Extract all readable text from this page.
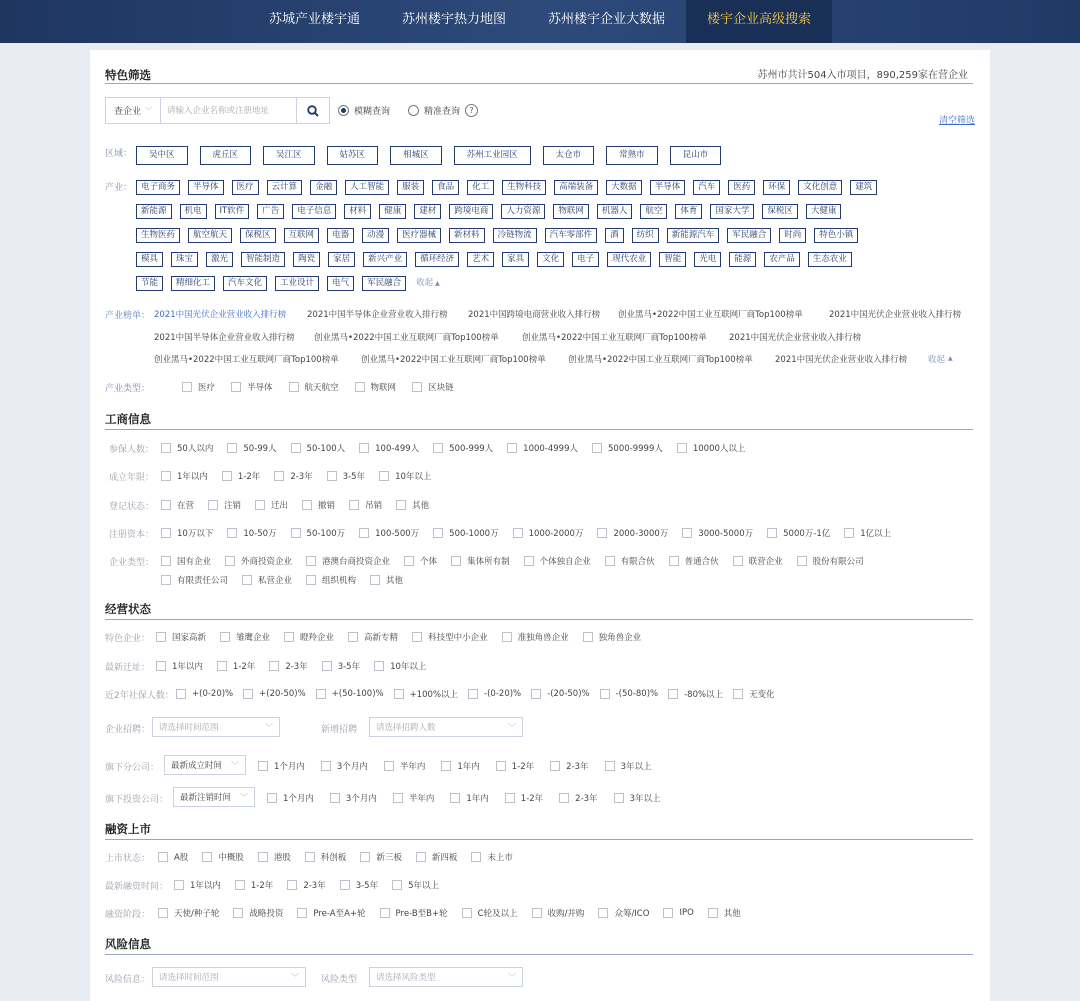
苏城产业楼宇通	苏州楼宇热力地图	苏州楼宇企业大数据	楼宇企业高级搜索
特色筛选	苏州市共计504入市项目，890,259家在营企业
查企业 ﹀
请输入企业名称或注册地址	模糊查询	精准查询	?
清空筛选
区域：	吴中区	虎丘区	吴江区	姑苏区	相城区	苏州工业园区	太仓市	常熟市	昆山市
产业：	电子商务	半导体	医疗	云计算	金融	人工智能	服装	食品	化工	生物科技	高端装备	大数据	半导体	汽车	医药	环保	文化创意	建筑
新能源	机电	IT软件	广告	电子信息	材料	健康	建材	跨境电商	人力资源	物联网	机器人	航空	体育	国家大学	保税区	大健康
生物医药	航空航天	保税区	互联网	电器	动漫	医疗器械	新材料	冷链物流	汽车零部件	酒	纺织	新能源汽车	军民融合	时尚	特色小镇
模具	珠宝	激光	智能制造	陶瓷	家居	新兴产业	循环经济	艺术	家具	文化	电子	现代农业	智能	光电	能源	农产品	生态农业
节能	精细化工	汽车文化	工业设计	电气	军民融合	收起 ▲
产业榜单： 2021中国光伏企业营业收入排行榜 2021中国半导体企业营业收入排行榜 2021中国跨境电商营业收入排行榜 创业黑马•2022中国工业互联网厂商Top100榜单	2021中国光伏企业营业收入排行榜
2021中国半导体企业营业收入排行榜 创业黑马•2022中国工业互联网厂商Top100榜单	创业黑马•2022中国工业互联网厂商Top100榜单	2021中国光伏企业营业收入排行榜
创业黑马•2022中国工业互联网厂商Top100榜单	创业黑马•2022中国工业互联网厂商Top100榜单	创业黑马•2022中国工业互联网厂商Top100榜单	2021中国光伏企业营业收入排行榜 收起 ▲
产业类型：	医疗	半导体	航天航空	物联网	区块链
工商信息
参保人数：	50人以内	50-99人	50-100人	100-499人	500-999人	1000-4999人	5000-9999人	10000人以上
成立年限：	1年以内	1-2年	2-3年	3-5年	10年以上
登记状态：	在营	注销	迁出	撤销	吊销	其他
注册资本：	10万以下	10-50万	50-100万	100-500万	500-1000万	1000-2000万	2000-3000万	3000-5000万	5000万-1亿	1亿以上
企业类型：	国有企业	外商投资企业	港澳台商投资企业	个体	集体所有制	个体独自企业	有限合伙	普通合伙	联营企业	股份有限公司
有限责任公司	私营企业	组织机构	其他
经营状态
特色企业：	国家高新	雏鹰企业	瞪羚企业	高新专精	科技型中小企业	准独角兽企业	独角兽企业
最新迁址：	1年以内	1-2年	2-3年	3-5年	10年以上
近2年社保人数： +(0-20)%	+(20-50)%	+(50-100)%	+100%以上	-(0-20)%	-(20-50)%	-(50-80)%	-80%以上	无变化
企业招聘： 请选择时间范围	﹀	新增招聘 请选择招聘人数	﹀
旗下分公司： 最新成立时间 ﹀	1个月内	3个月内	半年内	1年内	1-2年	2-3年	3年以上
旗下投资公司： 最新注销时间 ﹀	1个月内	3个月内	半年内	1年内	1-2年	2-3年	3年以上
融资上市
上市状态：	A股	中概股	港股	科创板	新三板	新四板	未上市
最新融资时间：	1年以内	1-2年	2-3年	3-5年	5年以上
融资阶段：	天使/种子轮	战略投资	Pre-A至A+轮	Pre-B至B+轮	C轮及以上	收购/并购	众筹/ICO	IPO	其他
风险信息
风险信息： 请选择时间范围	﹀ 风险类型 请选择风险类型	﹀
